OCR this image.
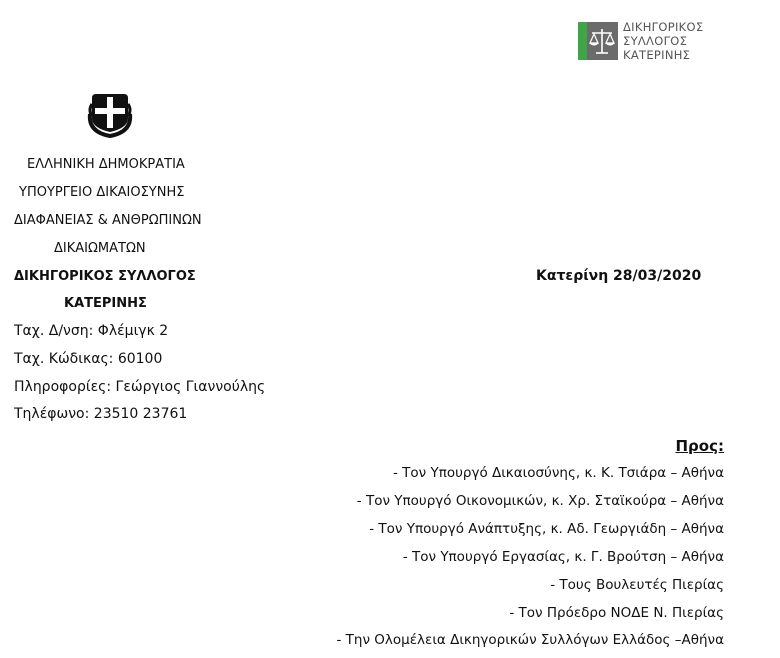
ΔΙΚΗΓΟΡΙΚΟΣ
ΣΥΛΛΟΓΟΣ
ΚΑΤΕΡΙΝΗΣ
ΕΛΛΗΝΙΚΗ ΔΗΜΟΚΡΑΤΙΑ
ΥΠΟΥΡΓΕΙΟ ΔΙΚΑΙΟΣΥΝΗΣ
ΔΙΑΦΑΝΕΙΑΣ & ΑΝΘΡΩΠΙΝΩΝ
ΔΙΚΑΙΩΜΑΤΩΝ
ΔΙΚΗΓΟΡΙΚΟΣ ΣΥΛΛΟΓΟΣ
ΚΑΤΕΡΙΝΗΣ
Ταχ. Δ/νση: Φλέμιγκ 2
Ταχ. Κώδικας: 60100
Πληροφορίες: Γεώργιος Γιαννούλης
Τηλέφωνο: 23510 23761
Κατερίνη 28/03/2020
Προς:
- Τον Υπουργό Δικαιοσύνης, κ. Κ. Τσιάρα – Αθήνα
- Τον Υπουργό Οικονομικών, κ. Χρ. Σταϊκούρα – Αθήνα
- Τον Υπουργό Ανάπτυξης, κ. Αδ. Γεωργιάδη – Αθήνα
- Τον Υπουργό Εργασίας, κ. Γ. Βρούτση – Αθήνα
- Τους Βουλευτές Πιερίας
- Τον Πρόεδρο ΝΟΔΕ Ν. Πιερίας
- Την Ολομέλεια Δικηγορικών Συλλόγων Ελλάδος –Αθήνα
